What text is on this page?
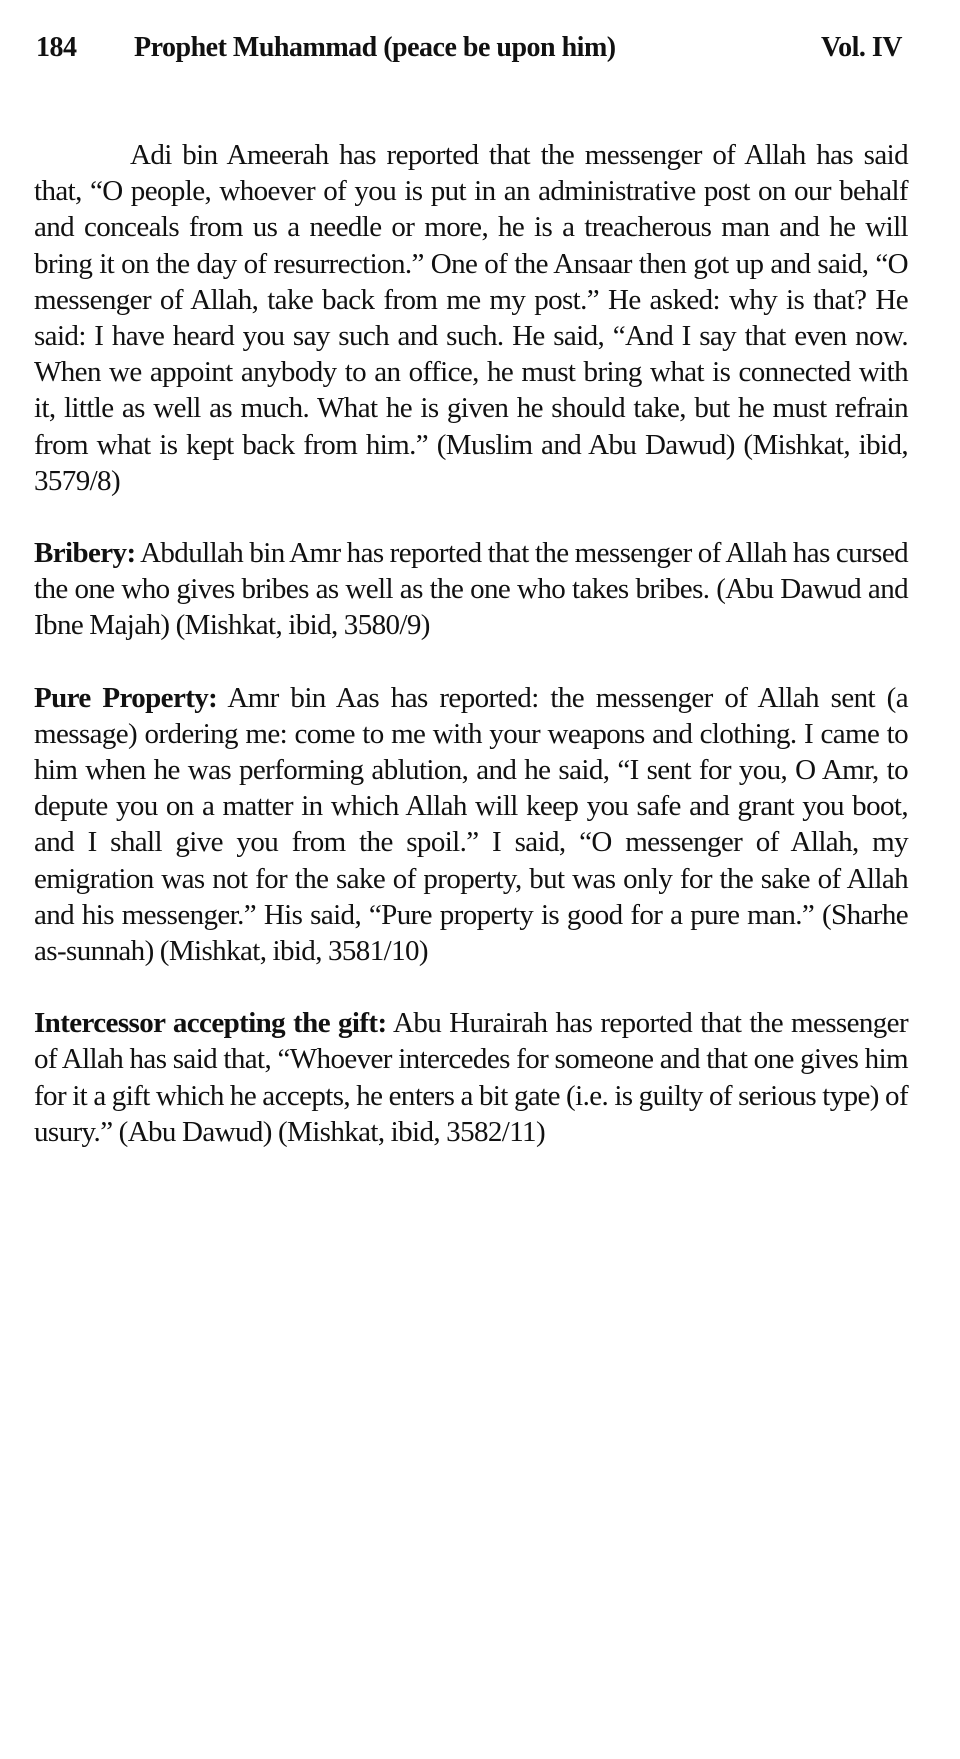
184 Prophet Muhammad (peace be upon him)	Vol. IV

Adi bin Ameerah has reported that the messenger of Allah has said that, “O people, whoever of you is put in an administrative post on our behalf and conceals from us a needle or more, he is a treacherous man and he will bring it on the day of resurrection.” One of the Ansaar then got up and said, “O messenger of Allah, take back from me my post.” He asked: why is that? He said: I have heard you say such and such. He said, “And I say that even now. When we appoint anybody to an office, he must bring what is connected with it, little as well as much. What he is given he should take, but he must refrain from what is kept back from him.” (Muslim and Abu Dawud) (Mishkat, ibid, 3579/8)

Bribery: Abdullah bin Amr has reported that the messenger of Allah has cursed the one who gives bribes as well as the one who takes bribes. (Abu Dawud and Ibne Majah) (Mishkat, ibid, 3580/9)

Pure Property: Amr bin Aas has reported: the messenger of Allah sent (a message) ordering me: come to me with your weapons and clothing. I came to him when he was performing ablution, and he said, “I sent for you, O Amr, to depute you on a matter in which Allah will keep you safe and grant you boot, and I shall give you from the spoil.” I said, “O messenger of Allah, my emigration was not for the sake of property, but was only for the sake of Allah and his messenger.” His said, “Pure property is good for a pure man.” (Sharhe as-sunnah) (Mishkat, ibid, 3581/10)

Intercessor accepting the gift: Abu Hurairah has reported that the messenger of Allah has said that, “Whoever intercedes for someone and that one gives him for it a gift which he accepts, he enters a bit gate (i.e. is guilty of serious type) of usury.” (Abu Dawud) (Mishkat, ibid, 3582/11)
